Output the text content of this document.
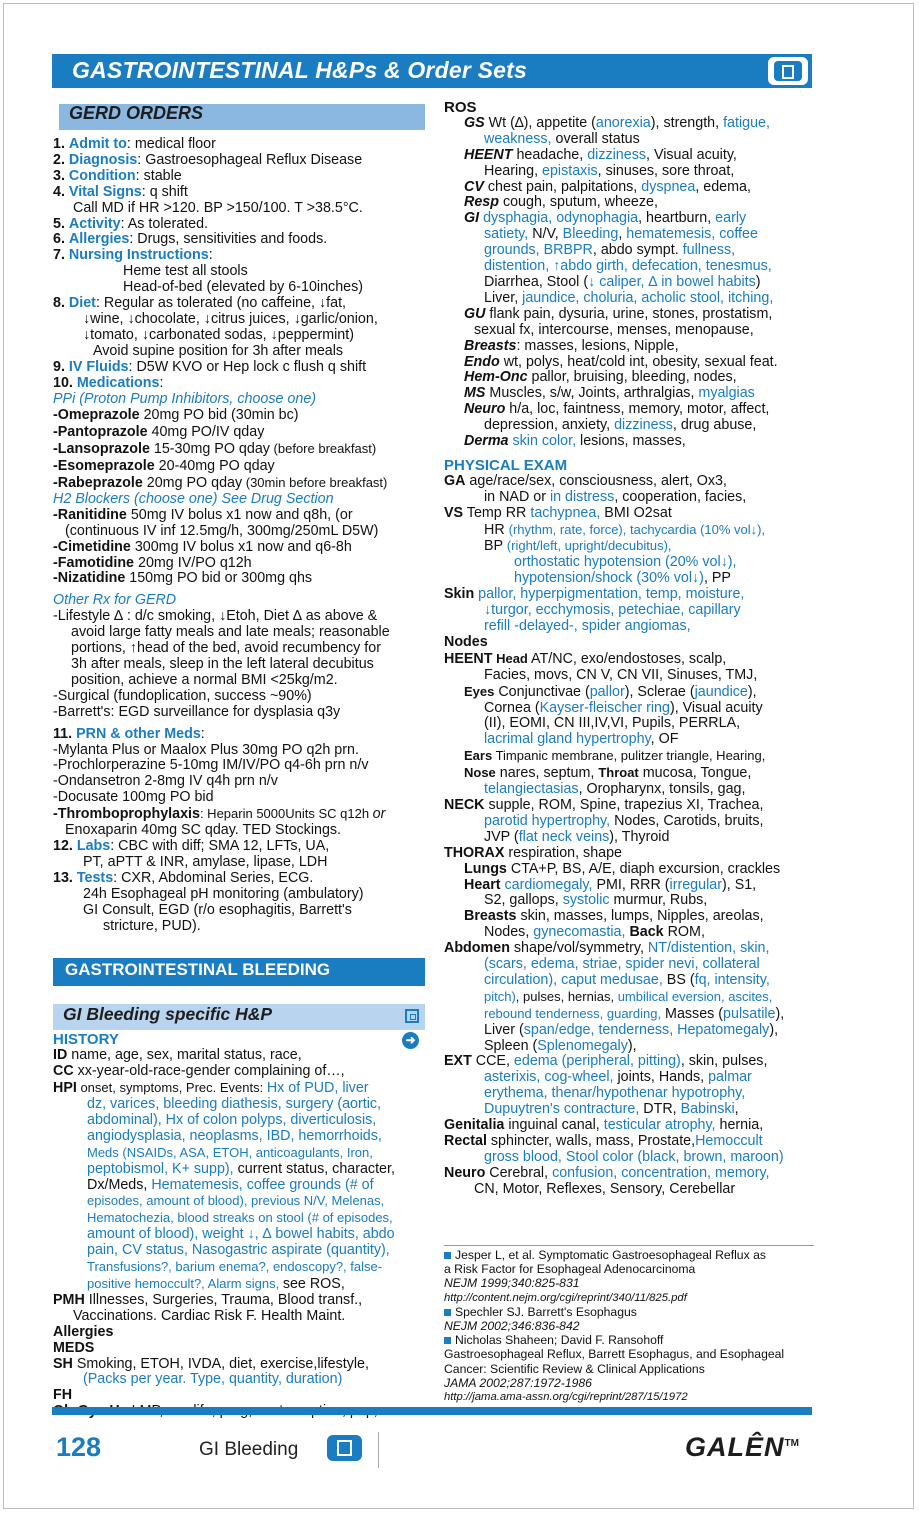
GASTROINTESTINAL H&Ps & Order Sets
GERD ORDERS
1. Admit to: medical floor
2. Diagnosis: Gastroesophageal Reflux Disease
3. Condition: stable
4. Vital Signs: q shift
Call MD if HR >120. BP >150/100. T >38.5°C.
5. Activity: As tolerated.
6. Allergies: Drugs, sensitivities and foods.
7. Nursing Instructions:
Heme test all stools
Head-of-bed (elevated by 6-10inches)
8. Diet: Regular as tolerated (no caffeine, ↓fat,
↓wine, ↓chocolate, ↓citrus juices, ↓garlic/onion,
↓tomato, ↓carbonated sodas, ↓peppermint)
Avoid supine position for 3h after meals
9. IV Fluids: D5W KVO or Hep lock c flush q shift
10. Medications:
PPi (Proton Pump Inhibitors, choose one)
-Omeprazole 20mg PO bid (30min bc)
-Pantoprazole 40mg PO/IV qday
-Lansoprazole 15-30mg PO qday (before breakfast)
-Esomeprazole 20-40mg PO qday
-Rabeprazole 20mg PO qday (30min before breakfast)
H2 Blockers (choose one) See Drug Section
-Ranitidine 50mg IV bolus x1 now and q8h, (or
(continuous IV inf 12.5mg/h, 300mg/250mL D5W)
-Cimetidine 300mg IV bolus x1 now and q6-8h
-Famotidine 20mg IV/PO q12h
-Nizatidine 150mg PO bid or 300mg qhs
Other Rx for GERD
-Lifestyle ∆ : d/c smoking, ↓Etoh, Diet ∆ as above &
avoid large fatty meals and late meals; reasonable
portions, ↑head of the bed, avoid recumbency for
3h after meals, sleep in the left lateral decubitus
position, achieve a normal BMI <25kg/m2.
-Surgical (fundoplication, success ~90%)
-Barrett's: EGD surveillance for dysplasia q3y
11. PRN & other Meds:
-Mylanta Plus or Maalox Plus 30mg PO q2h prn.
-Prochlorperazine 5-10mg IM/IV/PO q4-6h prn n/v
-Ondansetron 2-8mg IV q4h prn n/v
-Docusate 100mg PO bid
-Thromboprophylaxis: Heparin 5000Units SC q12h or
Enoxaparin 40mg SC qday. TED Stockings.
12. Labs: CBC with diff; SMA 12, LFTs, UA,
PT, aPTT & INR, amylase, lipase, LDH
13. Tests: CXR, Abdominal Series, ECG.
24h Esophageal pH monitoring (ambulatory)
GI Consult, EGD (r/o esophagitis, Barrett's
stricture, PUD).
GASTROINTESTINAL BLEEDING
GI Bleeding specific H&P
HISTORY	➜
ID name, age, sex, marital status, race,
CC xx-year-old-race-gender complaining of…,
HPI onset, symptoms, Prec. Events: Hx of PUD, liver
dz, varices, bleeding diathesis, surgery (aortic,
abdominal), Hx of colon polyps, diverticulosis,
angiodysplasia, neoplasms, IBD, hemorrhoids,
Meds (NSAIDs, ASA, ETOH, anticoagulants, Iron,
peptobismol, K+ supp), current status, character,
Dx/Meds, Hematemesis, coffee grounds (# of
episodes, amount of blood), previous N/V, Melenas,
Hematochezia, blood streaks on stool (# of episodes,
amount of blood), weight ↓, ∆ bowel habits, abdo
pain, CV status, Nasogastric aspirate (quantity),
Transfusions?, barium enema?, endoscopy?, false-
positive hemoccult?, Alarm signs, see ROS,
PMH Illnesses, Surgeries, Trauma, Blood transf.,
Vaccinations. Cardiac Risk F. Health Maint.
Allergies
MEDS
SH Smoking, ETOH, IVDA, diet, exercise,lifestyle,
(Packs per year. Type, quantity, duration)
FH
ROS
GS Wt (∆), appetite (anorexia), strength, fatigue,
weakness, overall status
HEENT headache, dizziness, Visual acuity,
Hearing, epistaxis, sinuses, sore throat,
CV chest pain, palpitations, dyspnea, edema,
Resp cough, sputum, wheeze,
GI dysphagia, odynophagia, heartburn, early
satiety, N/V, Bleeding, hematemesis, coffee
grounds, BRBPR, abdo sympt. fullness,
distention, ↑abdo girth, defecation, tenesmus,
Diarrhea, Stool (↓ caliper, ∆ in bowel habits)
Liver, jaundice, choluria, acholic stool, itching,
GU flank pain, dysuria, urine, stones, prostatism,
sexual fx, intercourse, menses, menopause,
Breasts: masses, lesions, Nipple,
Endo wt, polys, heat/cold int, obesity, sexual feat.
Hem-Onc pallor, bruising, bleeding, nodes,
MS Muscles, s/w, Joints, arthralgias, myalgias
Neuro h/a, loc, faintness, memory, motor, affect,
depression, anxiety, dizziness, drug abuse,
Derma skin color, lesions, masses,
PHYSICAL EXAM
GA age/race/sex, consciousness, alert, Ox3,
in NAD or in distress, cooperation, facies,
VS Temp RR tachypnea, BMI O2sat
HR (rhythm, rate, force), tachycardia (10% vol↓),
BP (right/left, upright/decubitus),
orthostatic hypotension (20% vol↓),
hypotension/shock (30% vol↓), PP
Skin pallor, hyperpigmentation, temp, moisture,
↓turgor, ecchymosis, petechiae, capillary
refill -delayed-, spider angiomas,
Nodes
HEENT Head AT/NC, exo/endostoses, scalp,
Facies, movs, CN V, CN VII, Sinuses, TMJ,
Eyes Conjunctivae (pallor), Sclerae (jaundice),
Cornea (Kayser-fleischer ring), Visual acuity
(II), EOMI, CN III,IV,VI, Pupils, PERRLA,
lacrimal gland hypertrophy, OF
Ears Timpanic membrane, pulitzer triangle, Hearing,
Nose nares, septum, Throat mucosa, Tongue,
telangiectasias, Oropharynx, tonsils, gag,
NECK supple, ROM, Spine, trapezius XI, Trachea,
parotid hypertrophy, Nodes, Carotids, bruits,
JVP (flat neck veins), Thyroid
THORAX respiration, shape
Lungs CTA+P, BS, A/E, diaph excursion, crackles
Heart cardiomegaly, PMI, RRR (irregular), S1,
S2, gallops, systolic murmur, Rubs,
Breasts skin, masses, lumps, Nipples, areolas,
Nodes, gynecomastia, Back ROM,
Abdomen shape/vol/symmetry, NT/distention, skin,
(scars, edema, striae, spider nevi, collateral
circulation), caput medusae, BS (fq, intensity,
pitch), pulses, hernias, umbilical eversion, ascites,
rebound tenderness, guarding, Masses (pulsatile),
Liver (span/edge, tenderness, Hepatomegaly),
Spleen (Splenomegaly),
EXT CCE, edema (peripheral, pitting), skin, pulses,
asterixis, cog-wheel, joints, Hands, palmar
erythema, thenar/hypothenar hypotrophy,
Dupuytren's contracture, DTR, Babinski,
Genitalia inguinal canal, testicular atrophy, hernia,
Rectal sphincter, walls, mass, Prostate,Hemoccult
gross blood, Stool color (black, brown, maroon)
Neuro Cerebral, confusion, concentration, memory,
CN, Motor, Reflexes, Sensory, Cerebellar
Jesper L, et al. Symptomatic Gastroesophageal Reflux as
a Risk Factor for Esophageal Adenocarcinoma
NEJM 1999;340:825-831
http://content.nejm.org/cgi/reprint/340/11/825.pdf
Spechler SJ. Barrett's Esophagus
NEJM 2002;346:836-842
Nicholas Shaheen; David F. Ransohoff
Gastroesophageal Reflux, Barrett Esophagus, and Esophageal
Cancer: Scientific Review & Clinical Applications
JAMA 2002;287:1972-1986
http://jama.ama-assn.org/cgi/reprint/287/15/1972
128	GI Bleeding	GALÊN™
